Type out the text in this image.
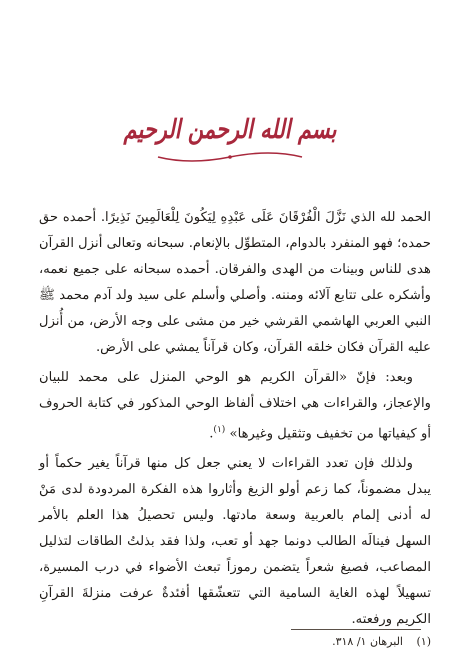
بسم الله الرحمن الرحيم

الحمد لله الذي نَزَّلَ الْفُرْقَانَ عَلَى عَبْدِهِ لِيَكُونَ لِلْعَالَمِينَ نَذِيرًا. أحمده حق حمده؛ فهو المنفرد بالدوام، المتطوِّل بالإنعام. سبحانه وتعالى أنزل القرآن هدى للناس وبينات من الهدى والفرقان. أحمده سبحانه على جميع نعمه، وأشكره على تتابع آلائه ومننه. وأصلي وأسلم على سيد ولد آدم محمد ﷺ النبي العربي الهاشمي القرشي خير من مشى على وجه الأرض، من أُنزل عليه القرآن فكان خلقه القرآن، وكان قرآناً يمشي على الأرض.

وبعد: فإنّ «القرآن الكريم هو الوحي المنزل على محمد للبيان والإعجاز، والقراءات هي اختلاف ألفاظ الوحي المذكور في كتابة الحروف أو كيفياتها من تخفيف وتثقيل وغيرها» $^{(١)}$.

ولذلك فإن تعدد القراءات لا يعني جعل كل منها قرآناً يغير حكماً أو يبدل مضموناً، كما زعم أولو الزيغ وأثاروا هذه الفكرة المردودة لدى مَنْ له أدنى إلمام بالعربية وسعة مادتها. وليس تحصيلُ هذا العلم بالأمر السهل فينالَه الطالب دونما جهد أو تعب، ولذا فقد بذلتُ الطاقات لتذليل المصاعب، فصيغ شعراً يتضمن رموزاً تبعث الأضواء في درب المسيرة، تسهيلاً لهذه الغاية السامية التي تتعشّقها أفئدةٌ عرفت منزلةَ القرآنِ الكريم ورفعته.

(١) البرهان ١/ ٣١٨.
